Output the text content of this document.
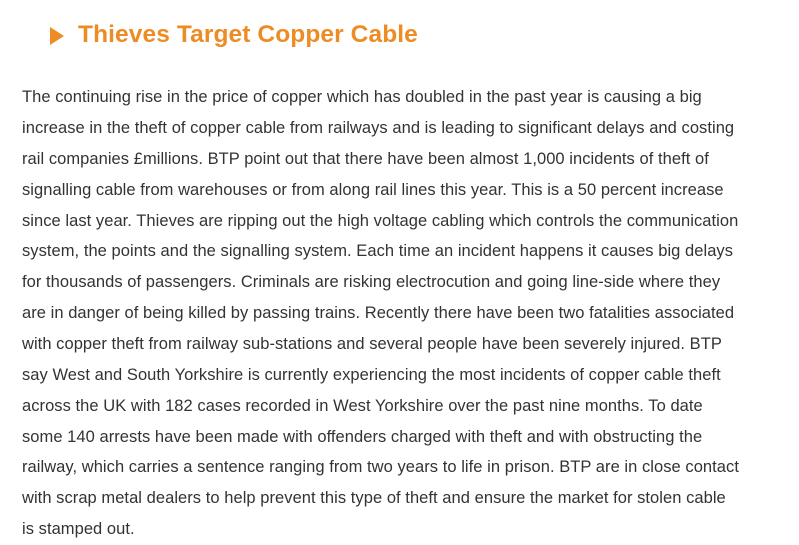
Thieves Target Copper Cable

The continuing rise in the price of copper which has doubled in the past year is causing a big increase in the theft of copper cable from railways and is leading to significant delays and costing rail companies £millions. BTP point out that there have been almost 1,000 incidents of theft of signalling cable from warehouses or from along rail lines this year. This is a 50 percent increase since last year. Thieves are ripping out the high voltage cabling which controls the communication system, the points and the signalling system. Each time an incident happens it causes big delays for thousands of passengers. Criminals are risking electrocution and going line-side where they are in danger of being killed by passing trains. Recently there have been two fatalities associated with copper theft from railway sub-stations and several people have been severely injured. BTP say West and South Yorkshire is currently experiencing the most incidents of copper cable theft across the UK with 182 cases recorded in West Yorkshire over the past nine months. To date some 140 arrests have been made with offenders charged with theft and with obstructing the railway, which carries a sentence ranging from two years to life in prison. BTP are in close contact with scrap metal dealers to help prevent this type of theft and ensure the market for stolen cable is stamped out.
